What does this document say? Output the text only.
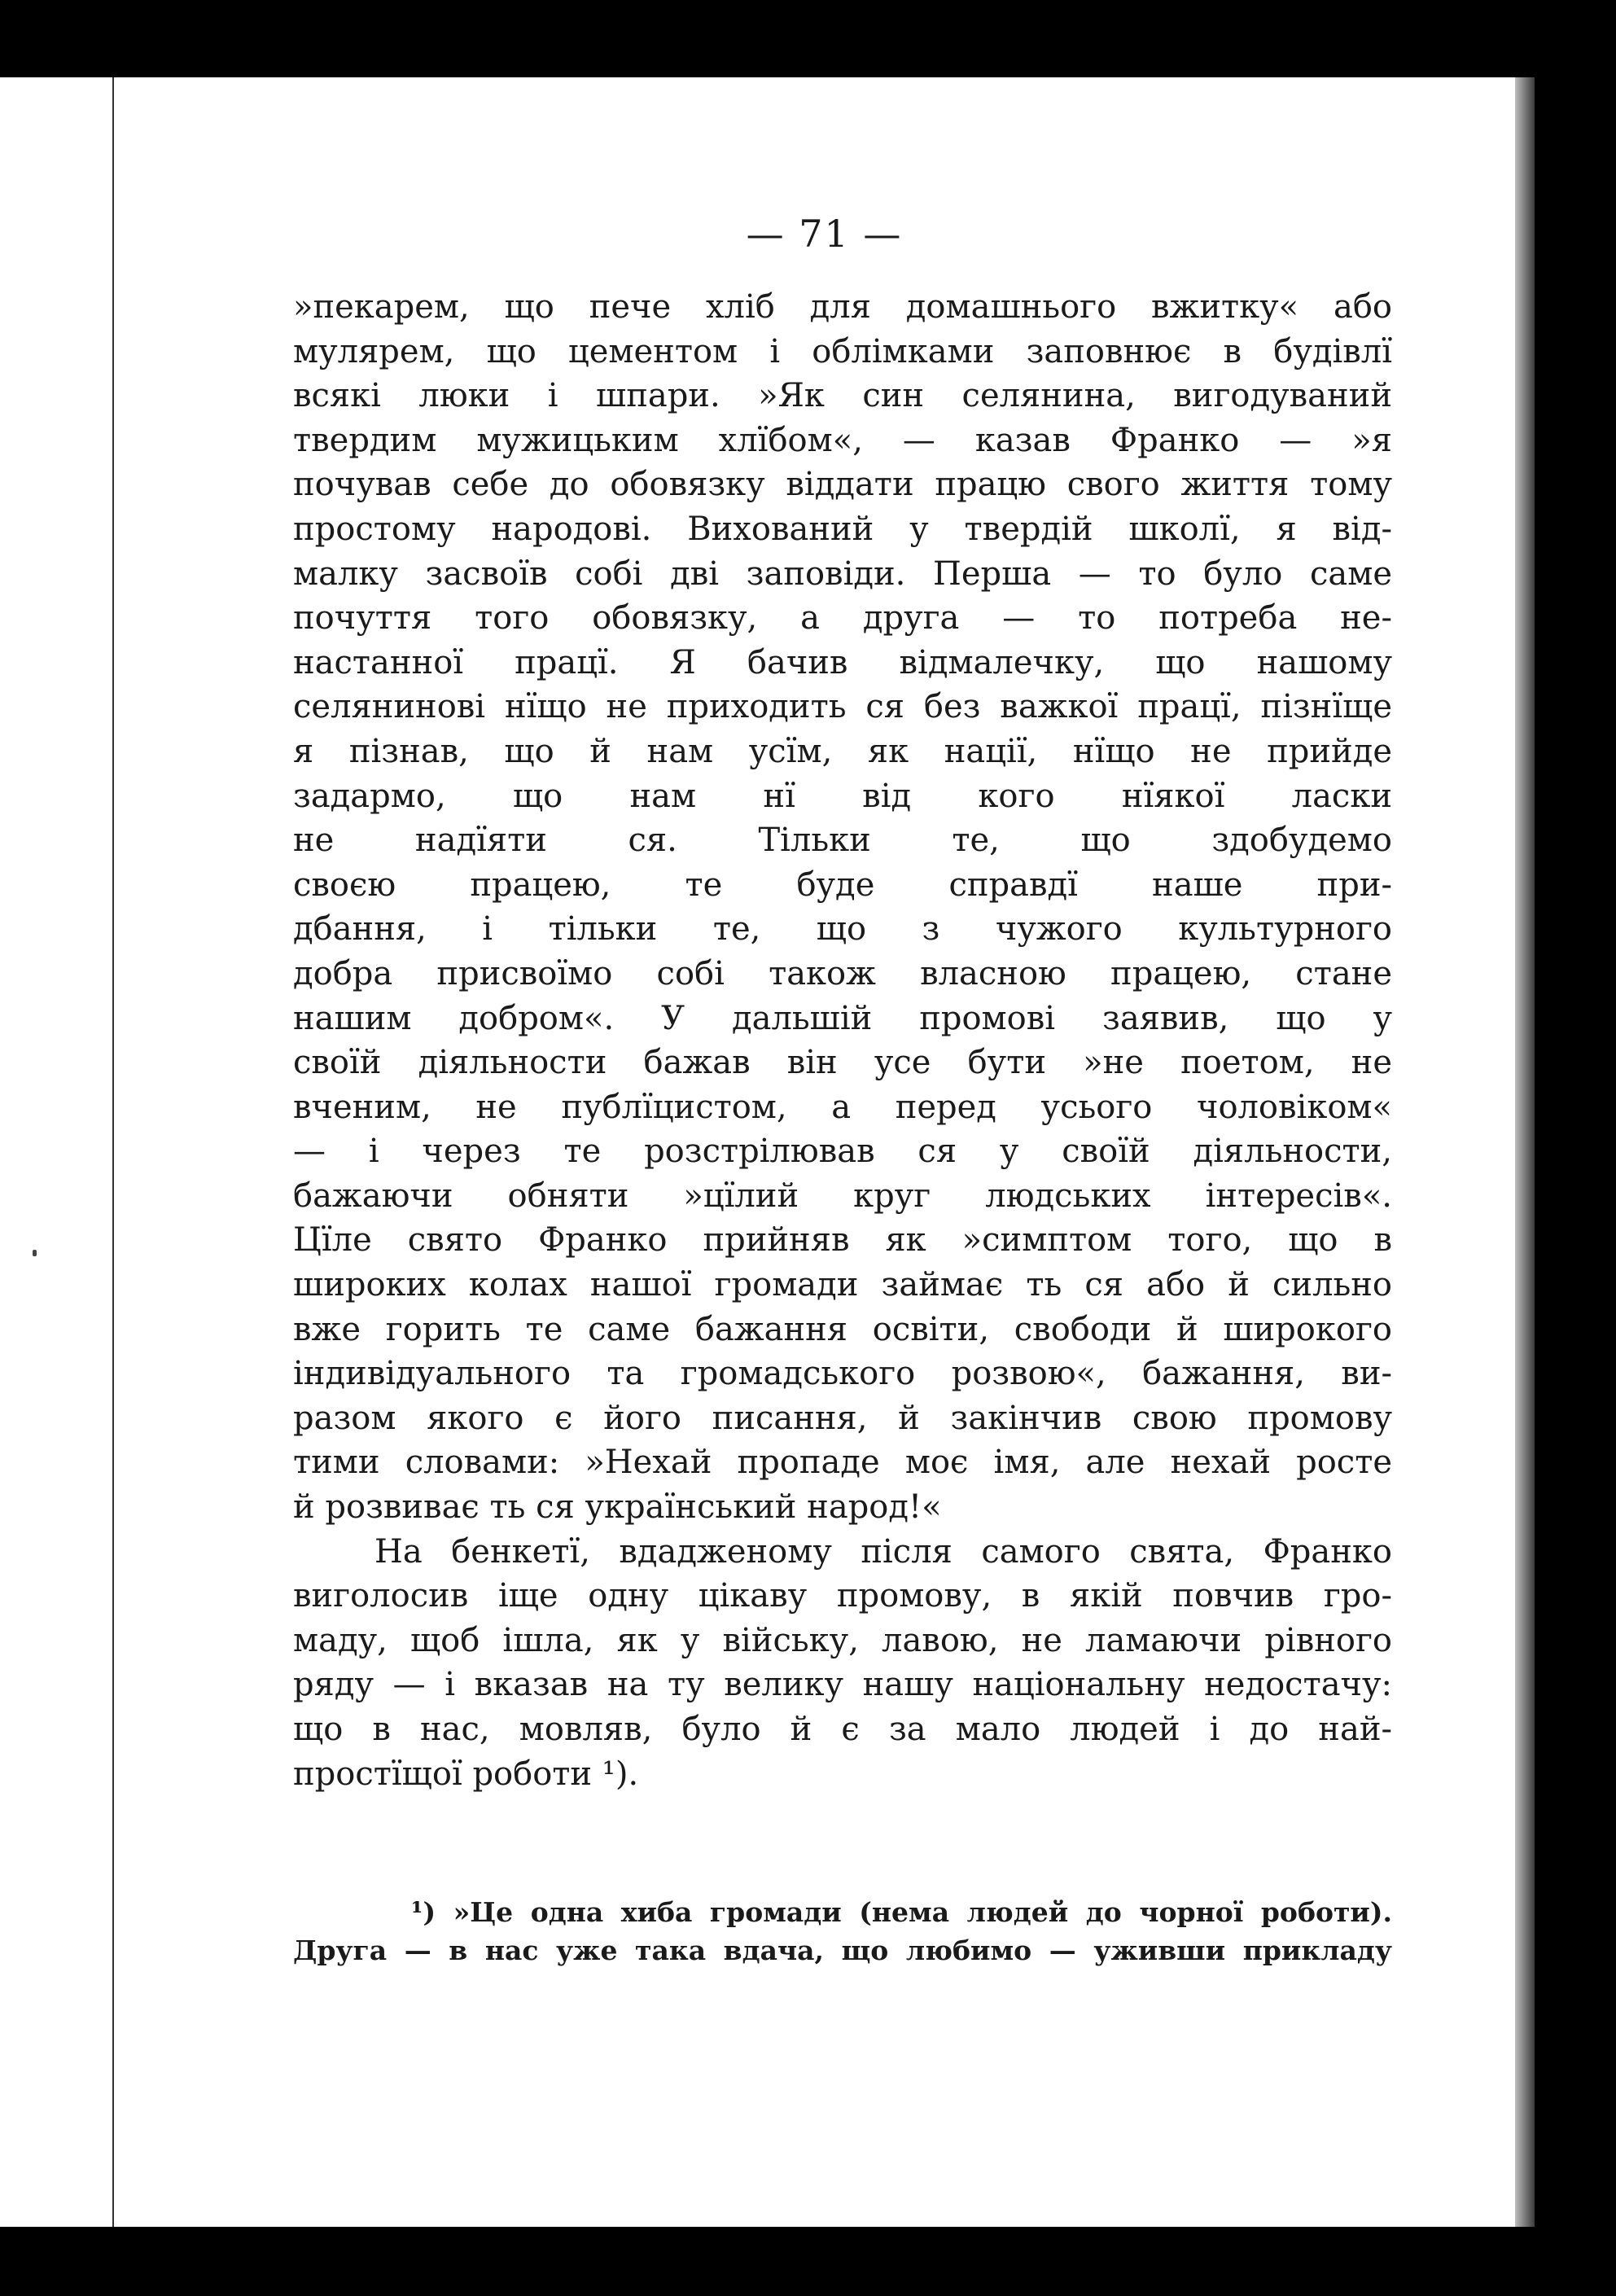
— 71 —
»пекарем, що пече хліб для домашнього вжитку« або
мулярем, що цементом і облімками заповнює в будівлї
всякі люки і шпари. »Як син селянина, вигодуваний
твердим мужицьким хлїбом«, — казав Франко — »я
почував себе до обовязку віддати працю свого життя тому
простому народові. Вихований у твердій школї, я від-
малку засвоїв собі дві заповіди. Перша — то було саме
почуття того обовязку, а друга — то потреба не-
настанної працї. Я бачив відмалечку, що нашому
селянинові нїщо не приходить ся без важкої працї, пізнїще
я пізнав, що й нам усїм, як нації, нїщо не прийде
задармо, що нам нї від кого нїякої ласки
не надїяти ся. Тільки те, що здобудемо
своєю працею, те буде справдї наше при-
дбання, і тільки те, що з чужого культурного
добра присвоїмо собі також власною працею, стане
нашим добром«. У дальшій промові заявив, що у
своїй діяльности бажав він усе бути »не поетом, не
вченим, не публїцистом, а перед усього чоловіком«
— і через те розстрілював ся у своїй діяльности,
бажаючи обняти »цїлий круг людських інтересів«.
Цїле свято Франко прийняв як »симптом того, що в
широких колах нашої громади займає ть ся або й сильно
вже горить те саме бажання освіти, свободи й широкого
індивідуального та громадського розвою«, бажання, ви-
разом якого є його писання, й закінчив свою промову
тими словами: »Нехай пропаде моє імя, але нехай росте
й розвиває ть ся український народ!«
На бенкетї, вдадженому після самого свята, Франко
виголосив іще одну цікаву промову, в якій повчив гро-
маду, щоб ішла, як у війську, лавою, не ламаючи рівного
ряду — і вказав на ту велику нашу національну недостачу:
що в нас, мовляв, було й є за мало людей і до най-
простїщої роботи ¹).
¹) »Це одна хиба громади (нема людей до чорної роботи).
Друга — в нас уже така вдача, що любимо — уживши прикладу
